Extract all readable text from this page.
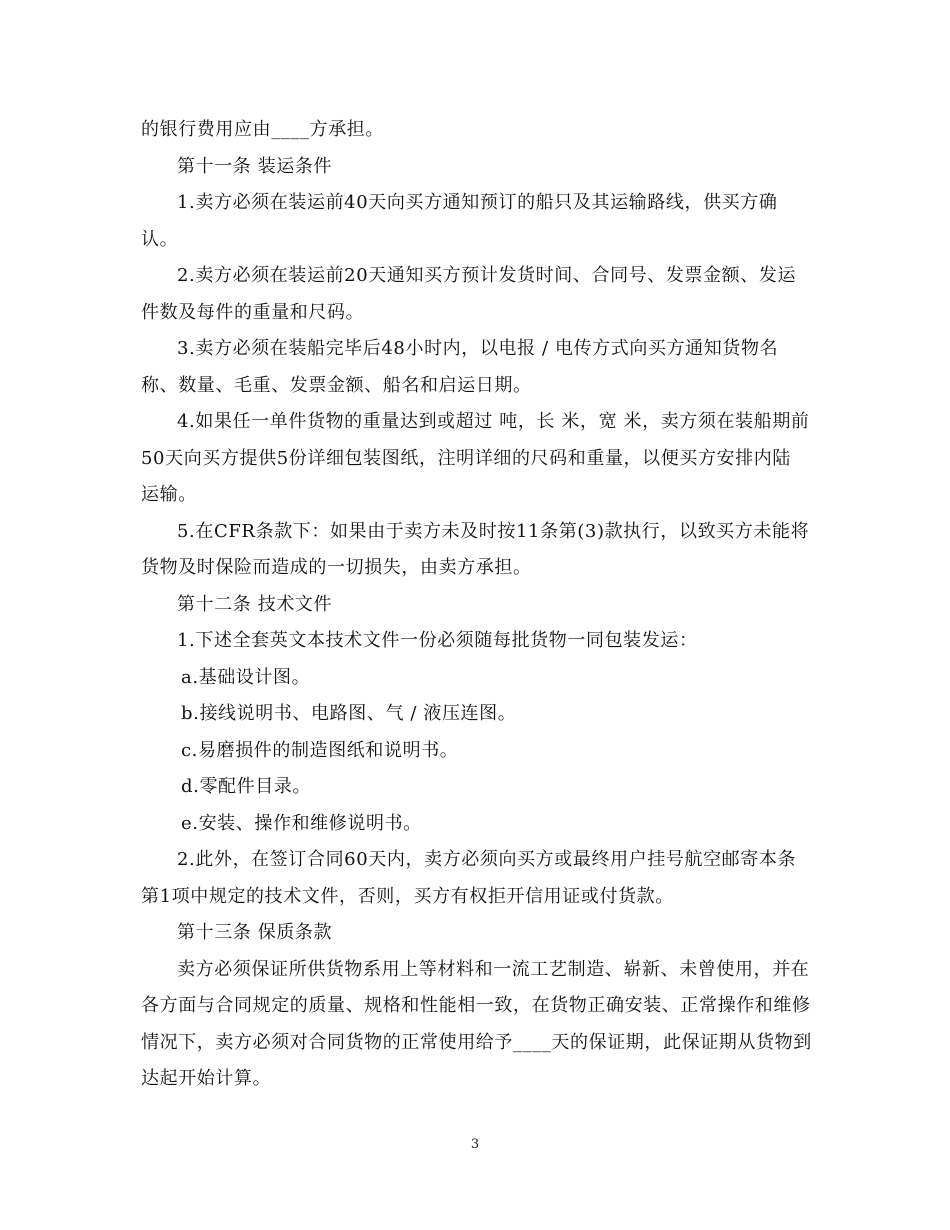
的银行费用应由____方承担。
第十一条 装运条件
1.卖方必须在装运前40天向买方通知预订的船只及其运输路线，供买方确
认。
2.卖方必须在装运前20天通知买方预计发货时间、合同号、发票金额、发运
件数及每件的重量和尺码。
3.卖方必须在装船完毕后48小时内，以电报 / 电传方式向买方通知货物名
称、数量、毛重、发票金额、船名和启运日期。
4.如果任一单件货物的重量达到或超过 吨，长 米，宽 米，卖方须在装船期前
50天向买方提供5份详细包装图纸，注明详细的尺码和重量，以便买方安排内陆
运输。
5.在CFR条款下：如果由于卖方未及时按11条第(3)款执行，以致买方未能将
货物及时保险而造成的一切损失，由卖方承担。
第十二条 技术文件
1.下述全套英文本技术文件一份必须随每批货物一同包装发运：
a.基础设计图。
b.接线说明书、电路图、气 / 液压连图。
c.易磨损件的制造图纸和说明书。
d.零配件目录。
e.安装、操作和维修说明书。
2.此外，在签订合同60天内，卖方必须向买方或最终用户挂号航空邮寄本条
第1项中规定的技术文件，否则，买方有权拒开信用证或付货款。
第十三条 保质条款
卖方必须保证所供货物系用上等材料和一流工艺制造、崭新、未曾使用，并在
各方面与合同规定的质量、规格和性能相一致，在货物正确安装、正常操作和维修
情况下，卖方必须对合同货物的正常使用给予____天的保证期，此保证期从货物到
达起开始计算。
3
